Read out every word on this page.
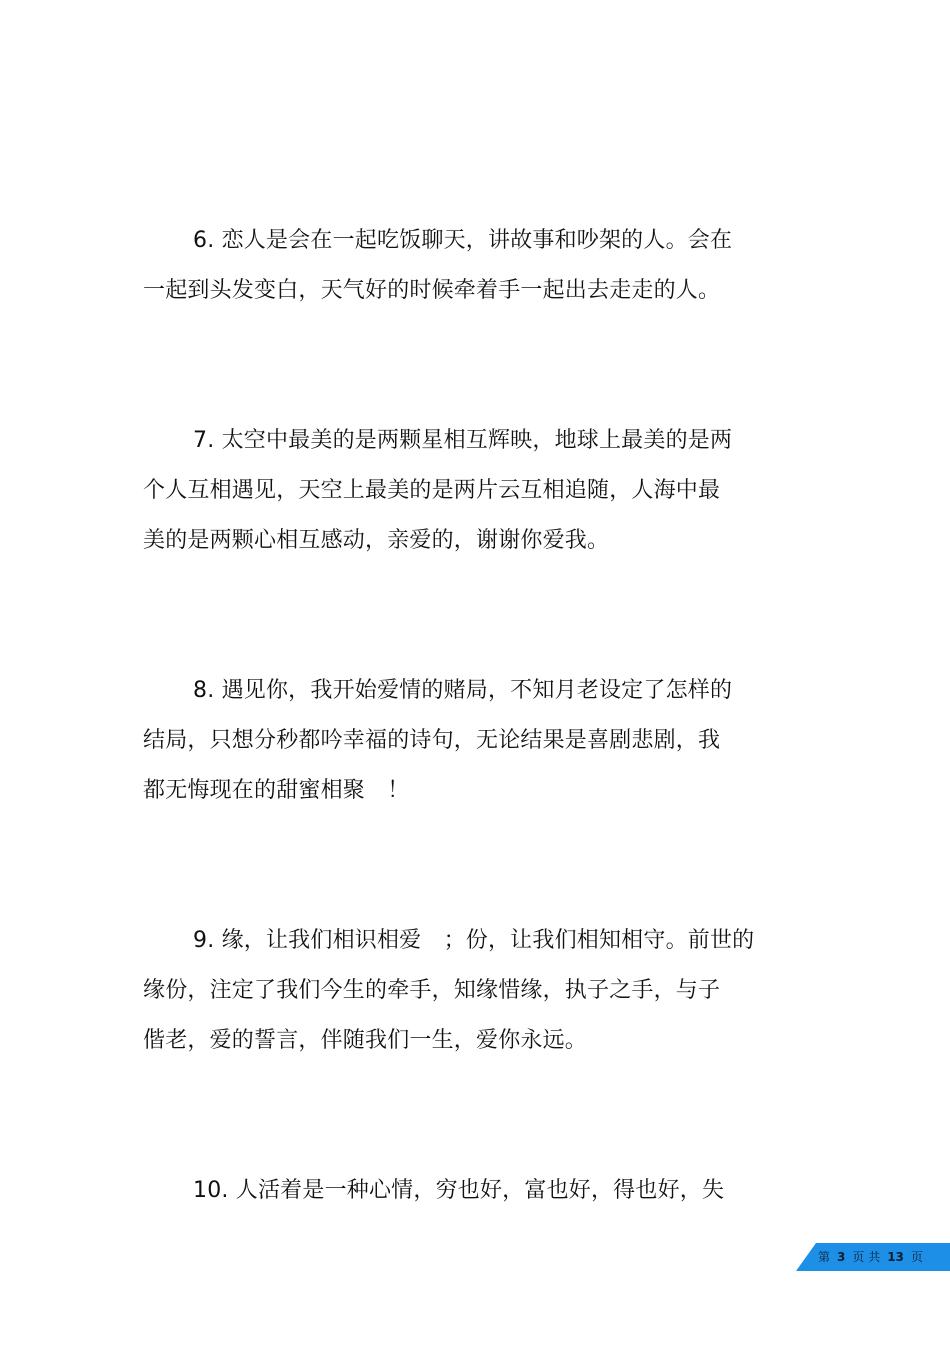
6. 恋人是会在一起吃饭聊天，讲故事和吵架的人。会在
一起到头发变白，天气好的时候牵着手一起出去走走的人。
7. 太空中最美的是两颗星相互辉映，地球上最美的是两
个人互相遇见，天空上最美的是两片云互相追随，人海中最
美的是两颗心相互感动，亲爱的，谢谢你爱我。
8. 遇见你，我开始爱情的赌局，不知月老设定了怎样的
结局，只想分秒都吟幸福的诗句，无论结果是喜剧悲剧，我
都无悔现在的甜蜜相聚　！
9. 缘，让我们相识相爱　；份，让我们相知相守。前世的
缘份，注定了我们今生的牵手，知缘惜缘，执子之手，与子
偕老，爱的誓言，伴随我们一生，爱你永远。
10. 人活着是一种心情，穷也好，富也好，得也好，失
第 3 页 共 13 页
